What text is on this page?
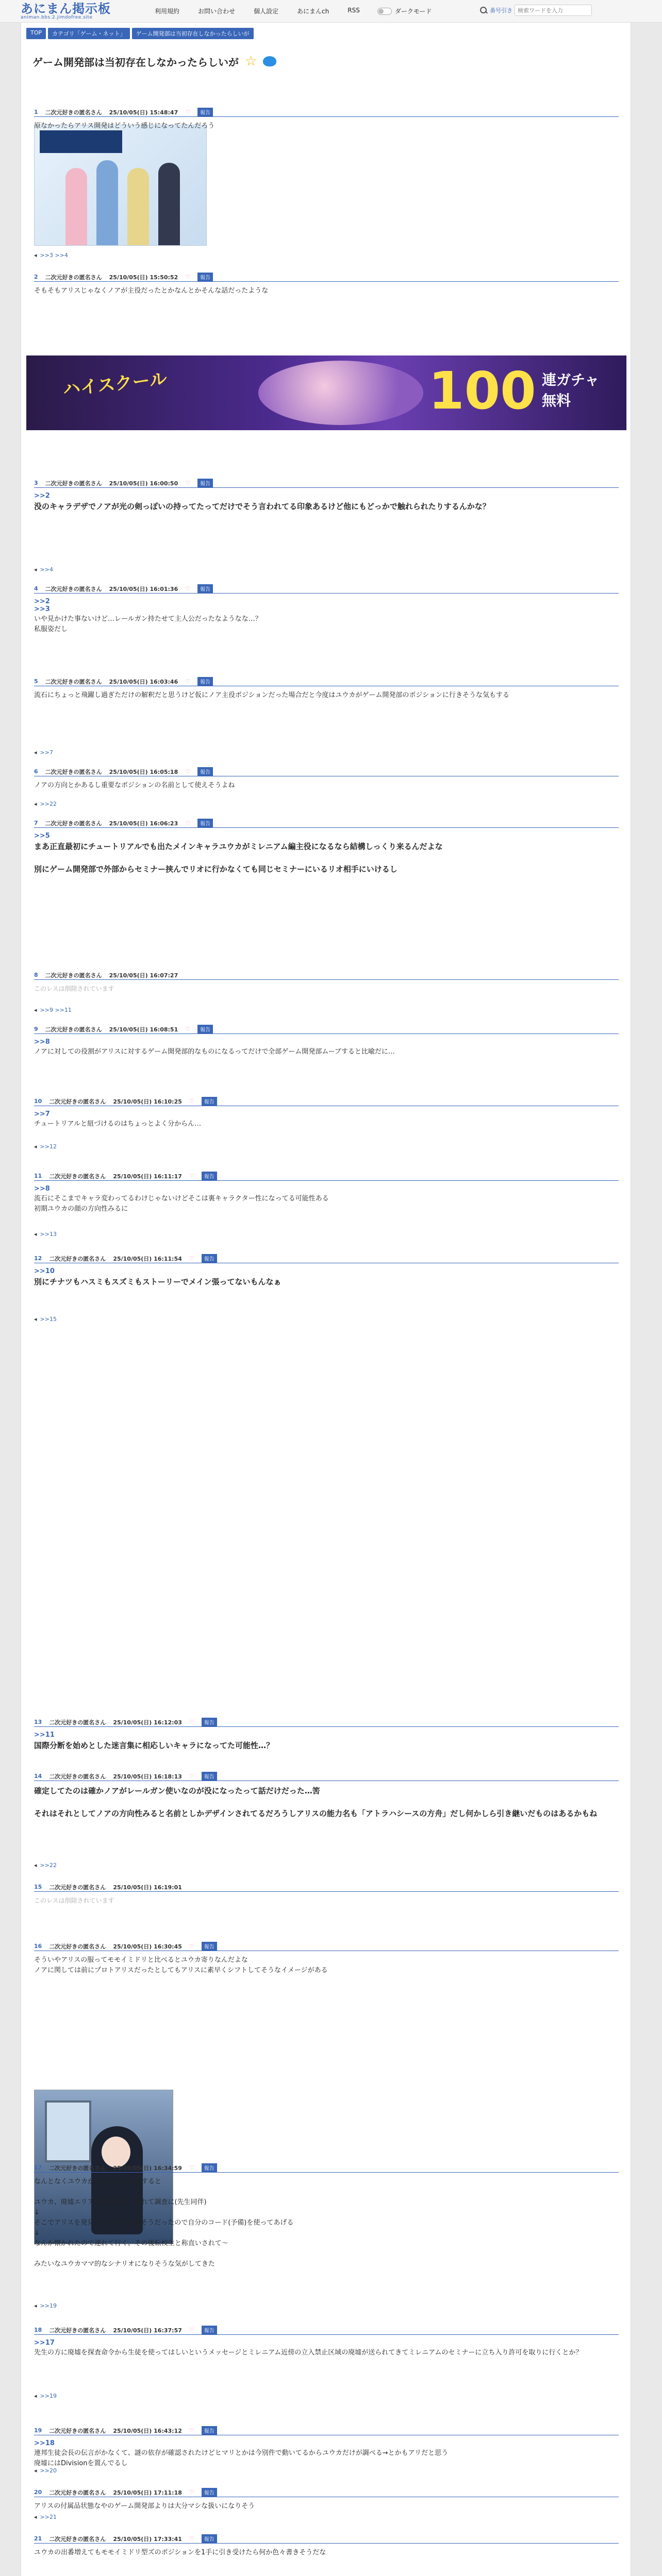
あにまん掲示板
animan.bbs.2.jimdofree.site
利用規約	お問い合わせ	個人設定	あにまんch	RSS	ダークモード	番号引き
検索ワードを入力
TOP	カテゴリ「ゲーム・ネット」	ゲーム開発部は当初存在しなかったらしいが
ゲーム開発部は当初存在しなかったらしいが ☆
ハイスクール	100 連ガチャ
無料
1 二次元好きの匿名さん 25/10/05(日) 15:48:47 ♡	報告
原なかったらアリス開発はどういう感じになってたんだろう
◂ >>3 >>4
2 二次元好きの匿名さん 25/10/05(日) 15:50:52 ♡	報告
そもそもアリスじゃなくノアが主役だったとかなんとかそんな話だったような
3 二次元好きの匿名さん 25/10/05(日) 16:00:50 ♡	報告
>>2
没のキャラデザでノアが光の剣っぽいの持ってたってだけでそう言われてる印象あるけど他にもどっかで触れられたりするんかな？
◂ >>4
4 二次元好きの匿名さん 25/10/05(日) 16:01:36 ♡	報告
>>2
>>3
いや見かけた事ないけど…レールガン持たせて主人公だったなようなな…？
私服姿だし
5 二次元好きの匿名さん 25/10/05(日) 16:03:46 ♡	報告
流石にちょっと飛躍し過ぎただけの解釈だと思うけど仮にノア主役ポジションだった場合だと今度はユウカがゲーム開発部のポジションに行きそうな気もする
◂ >>7
6 二次元好きの匿名さん 25/10/05(日) 16:05:18 ♡	報告
ノアの方向とかあるし重要なポジションの名前として使えそうよね
◂ >>22
7 二次元好きの匿名さん 25/10/05(日) 16:06:23 ♡	報告
>>5
まあ正直最初にチュートリアルでも出たメインキャラユウカがミレニアム編主役になるなら結構しっくり来るんだよな

別にゲーム開発部で外部からセミナー挟んでリオに行かなくても同じセミナーにいるリオ相手にいけるし
8 二次元好きの匿名さん 25/10/05(日) 16:07:27
このレスは削除されています
◂ >>9 >>11
9 二次元好きの匿名さん 25/10/05(日) 16:08:51 ♡	報告
>>8
ノアに対しての役割がアリスに対するゲーム開発部的なものになるってだけで全部ゲーム開発部ムーブすると比喩だに…
10 二次元好きの匿名さん 25/10/05(日) 16:10:25 ♡	報告
>>7
チュートリアルと紐づけるのはちょっとよく分からん…
◂ >>12
11 二次元好きの匿名さん 25/10/05(日) 16:11:17 ♡	報告
>>8
流石にそこまでキャラ変わってるわけじゃないけどそこは裏キャラクター性になってる可能性ある
初期ユウカの顔の方向性みるに
◂ >>13
12 二次元好きの匿名さん 25/10/05(日) 16:11:54 ♡	報告
>>10
別にチナツもハスミもスズミもストーリーでメイン張ってないもんなぁ
◂ >>15
13 二次元好きの匿名さん 25/10/05(日) 16:12:03 ♡	報告
>>11
国際分断を始めとした迷言集に相応しいキャラになってた可能性…？
14 二次元好きの匿名さん 25/10/05(日) 16:18:13 ♡	報告
確定してたのは確かノアがレールガン使いなのが没になったって話だけだった…筈

それはそれとしてノアの方向性みると名前としかデザインされてるだろうしアリスの能力名も「アトラハシースの方舟」だし何かしら引き継いだものはあるかもね
◂ >>22
15 二次元好きの匿名さん 25/10/05(日) 16:19:01
このレスは削除されています
16 二次元好きの匿名さん 25/10/05(日) 16:30:45 ♡	報告
そういやアリスの服ってモモイミドリと比べるとユウカ寄りなんだよな
ノアに関しては前にプロトアリスだったとしてもアリスに素早くシフトしてそうなイメージがある
17 二次元好きの匿名さん 25/10/05(日) 16:34:59 ♡	報告
なんとなくユウカが主人公だと仮定すると

ユウカ、廃墟エリアの調査を命じられて調査に(先生同伴)
↓
そこでアリスを発見、見た目的に幕そうだったので自分のコード(予備)を使ってあげる
↓
なんか懐かれたので連れて行く、その後転校生と称直いされて〜

みたいなユウカママ的なシナリオになりそうな気がしてきた
◂ >>19
18 二次元好きの匿名さん 25/10/05(日) 16:37:57 ♡	報告
>>17
先生の方に廃墟を探査命令から生徒を使ってはしいというメッセージとミレニアム近傍の立入禁止区域の廃墟が送られてきてミレニアムのセミナーに立ち入り許可を取りに行くとか？
◂ >>19
19 二次元好きの匿名さん 25/10/05(日) 16:43:12 ♡	報告
>>18
連邦生徒会長の伝言がかなくて、謎の依存が確認されたけどヒマリとかは今別件で動いてるからユウカだけが調べる→とかもアリだと思う
廃墟にはDivisionを置んでるし
◂ >>20
20 二次元好きの匿名さん 25/10/05(日) 17:11:18 ♡	報告
アリスの付属品状態なやのゲーム開発部よりは大分マシな扱いになりそう
◂ >>21
21 二次元好きの匿名さん 25/10/05(日) 17:33:41 ♡	報告
ユウカの出番増えてもモモイミドリ型ズのポジションを1手に引き受けたら何か色々書きそうだな
◂
